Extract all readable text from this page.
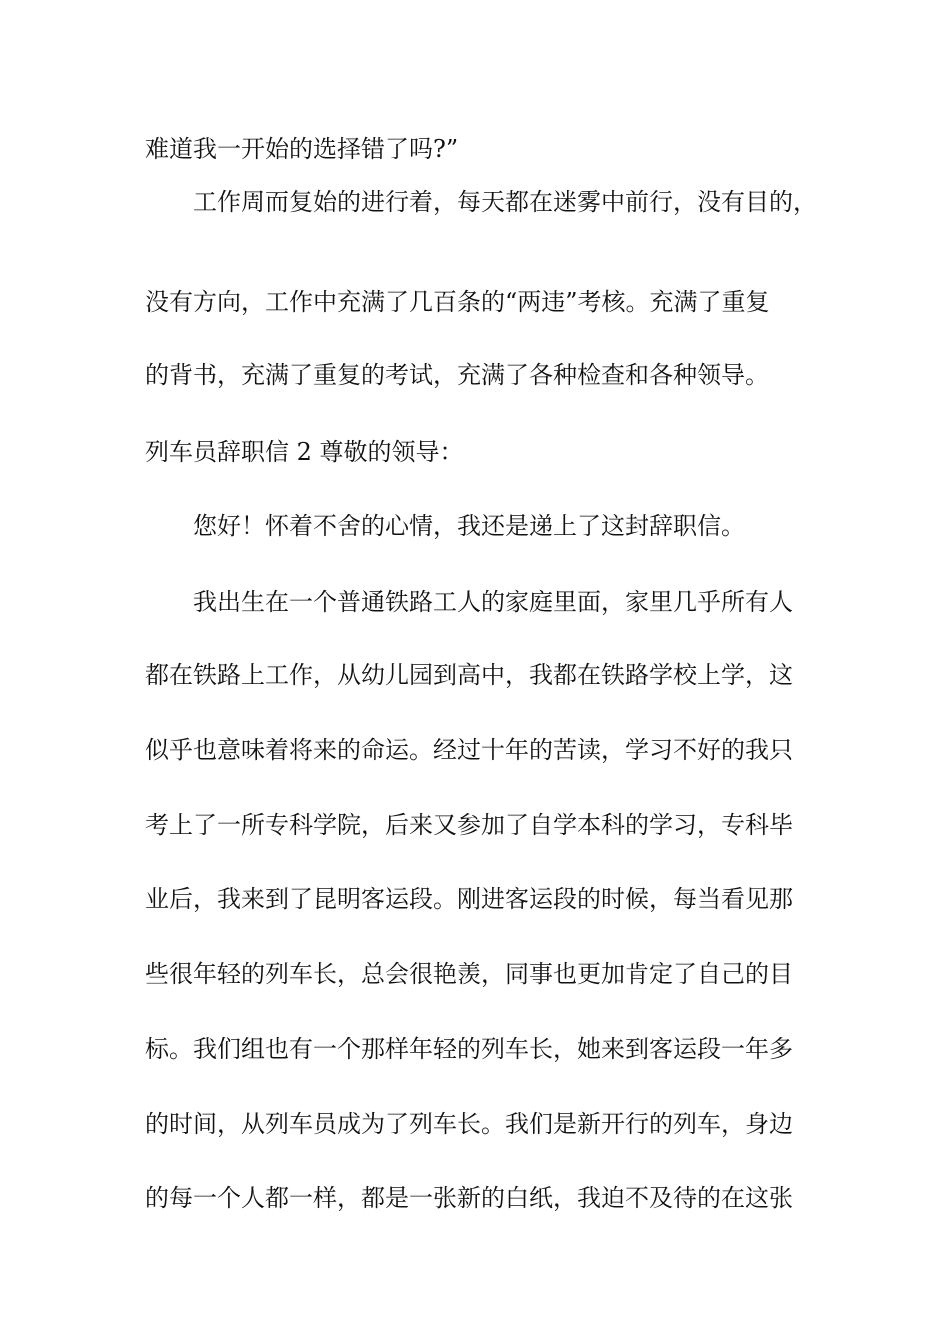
难道我一开始的选择错了吗?”
工作周而复始的进行着，每天都在迷雾中前行，没有目的，
没有方向，工作中充满了几百条的“两违”考核。充满了重复
的背书，充满了重复的考试，充满了各种检查和各种领导。
列车员辞职信 2 尊敬的领导：
您好！怀着不舍的心情，我还是递上了这封辞职信。
我出生在一个普通铁路工人的家庭里面，家里几乎所有人
都在铁路上工作，从幼儿园到高中，我都在铁路学校上学，这
似乎也意味着将来的命运。经过十年的苦读，学习不好的我只
考上了一所专科学院，后来又参加了自学本科的学习，专科毕
业后，我来到了昆明客运段。刚进客运段的时候，每当看见那
些很年轻的列车长，总会很艳羡，同事也更加肯定了自己的目
标。我们组也有一个那样年轻的列车长，她来到客运段一年多
的时间，从列车员成为了列车长。我们是新开行的列车，身边
的每一个人都一样，都是一张新的白纸，我迫不及待的在这张
